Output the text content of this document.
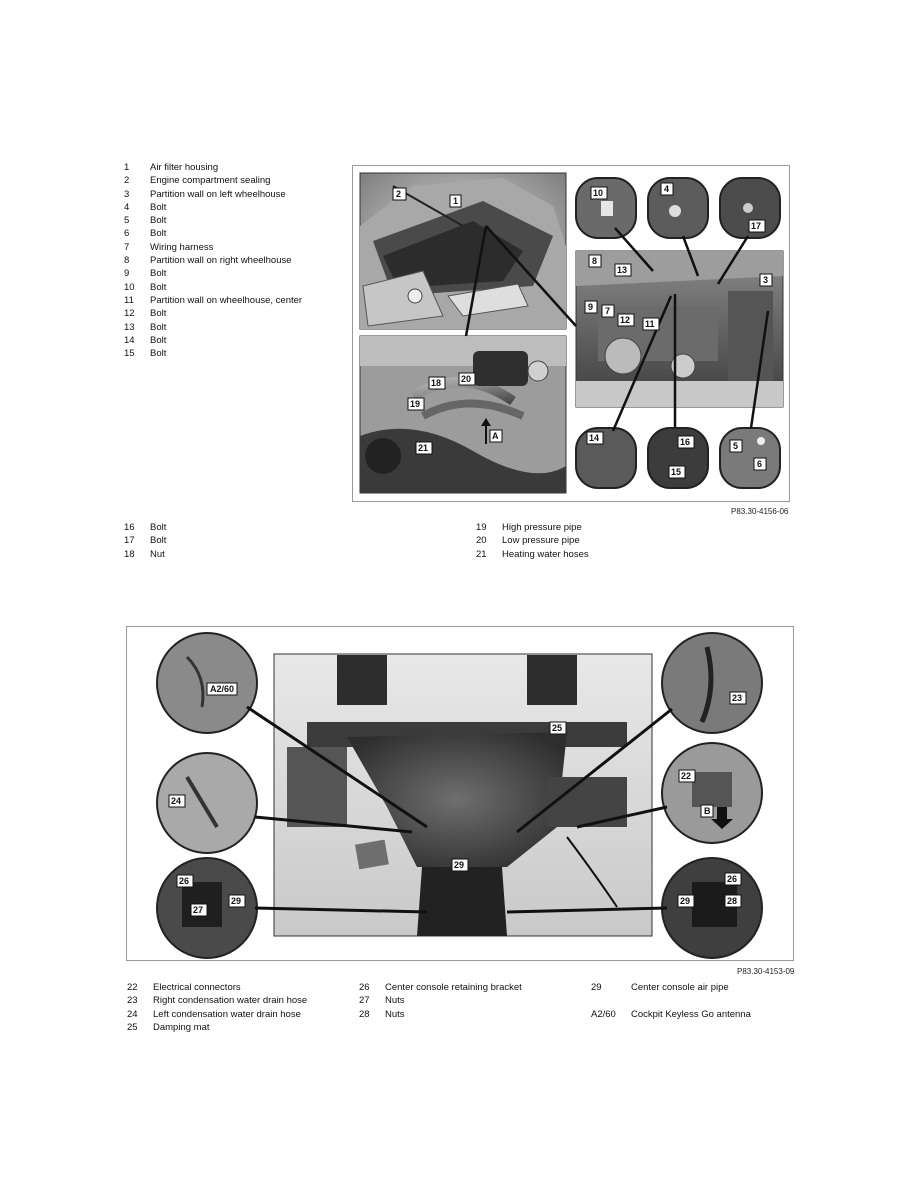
1	Air filter housing
2	Engine compartment sealing
3	Partition wall on left wheelhouse
4	Bolt
5	Bolt
6	Bolt
7	Wiring harness
8	Partition wall on right wheelhouse
9	Bolt
10	Bolt
11	Partition wall on wheelhouse, center
12	Bolt
13	Bolt
14	Bolt
15	Bolt
2
1
18 20
19
21
A
10	4
17
8
13
3
9 7
12 11
14	16
15
5
6
P83.30-4156-06
16	Bolt
17	Bolt
18	Nut
19	High pressure pipe
20	Low pressure pipe
21	Heating water hoses
A2/60
24
26
27
29
25
29
23
22
B
26
29	28
P83.30-4153-09
22	Electrical connectors
23	Right condensation water drain hose
24	Left condensation water drain hose
25	Damping mat
26	Center console retaining bracket
27	Nuts
28	Nuts
29	Center console air pipe
A2/60	Cockpit Keyless Go antenna
